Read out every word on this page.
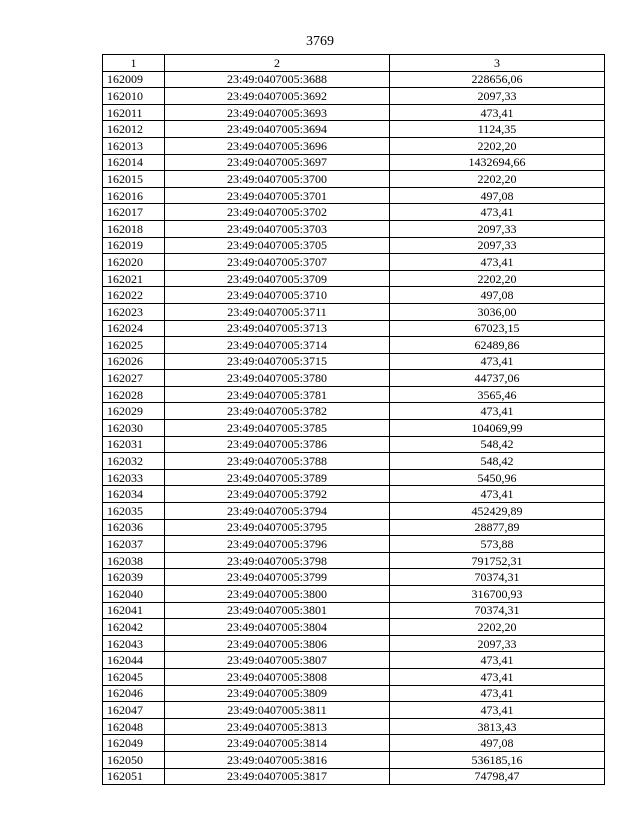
3769
1	2	3
162009	23:49:0407005:3688	228656,06
162010	23:49:0407005:3692	2097,33
162011	23:49:0407005:3693	473,41
162012	23:49:0407005:3694	1124,35
162013	23:49:0407005:3696	2202,20
162014	23:49:0407005:3697	1432694,66
162015	23:49:0407005:3700	2202,20
162016	23:49:0407005:3701	497,08
162017	23:49:0407005:3702	473,41
162018	23:49:0407005:3703	2097,33
162019	23:49:0407005:3705	2097,33
162020	23:49:0407005:3707	473,41
162021	23:49:0407005:3709	2202,20
162022	23:49:0407005:3710	497,08
162023	23:49:0407005:3711	3036,00
162024	23:49:0407005:3713	67023,15
162025	23:49:0407005:3714	62489,86
162026	23:49:0407005:3715	473,41
162027	23:49:0407005:3780	44737,06
162028	23:49:0407005:3781	3565,46
162029	23:49:0407005:3782	473,41
162030	23:49:0407005:3785	104069,99
162031	23:49:0407005:3786	548,42
162032	23:49:0407005:3788	548,42
162033	23:49:0407005:3789	5450,96
162034	23:49:0407005:3792	473,41
162035	23:49:0407005:3794	452429,89
162036	23:49:0407005:3795	28877,89
162037	23:49:0407005:3796	573,88
162038	23:49:0407005:3798	791752,31
162039	23:49:0407005:3799	70374,31
162040	23:49:0407005:3800	316700,93
162041	23:49:0407005:3801	70374,31
162042	23:49:0407005:3804	2202,20
162043	23:49:0407005:3806	2097,33
162044	23:49:0407005:3807	473,41
162045	23:49:0407005:3808	473,41
162046	23:49:0407005:3809	473,41
162047	23:49:0407005:3811	473,41
162048	23:49:0407005:3813	3813,43
162049	23:49:0407005:3814	497,08
162050	23:49:0407005:3816	536185,16
162051	23:49:0407005:3817	74798,47
